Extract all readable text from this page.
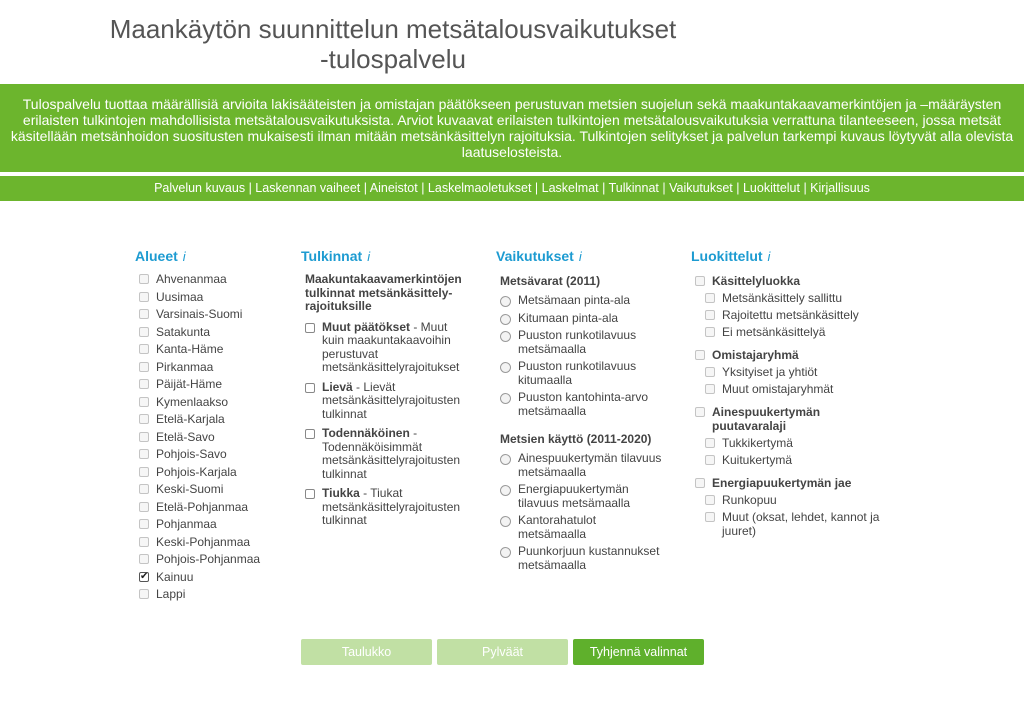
Maankäytön suunnittelun metsätalousvaikutukset
-tulospalvelu
Tulospalvelu tuottaa määrällisiä arvioita lakisääteisten ja omistajan päätökseen perustuvan metsien suojelun sekä maakuntakaavamerkintöjen ja –määräysten erilaisten tulkintojen mahdollisista metsätalousvaikutuksista. Arviot kuvaavat erilaisten tulkintojen metsätalousvaikutuksia verrattuna tilanteeseen, jossa metsät käsitellään metsänhoidon suositusten mukaisesti ilman mitään metsänkäsittelyn rajoituksia. Tulkintojen selitykset ja palvelun tarkempi kuvaus löytyvät alla olevista laatuselosteista.
Palvelun kuvaus | Laskennan vaiheet | Aineistot | Laskelmaoletukset | Laskelmat | Tulkinnat | Vaikutukset | Luokittelut | Kirjallisuus
Alueet i
Ahvenanmaa
Uusimaa
Varsinais-Suomi
Satakunta
Kanta-Häme
Pirkanmaa
Päijät-Häme
Kymenlaakso
Etelä-Karjala
Etelä-Savo
Pohjois-Savo
Pohjois-Karjala
Keski-Suomi
Etelä-Pohjanmaa
Pohjanmaa
Keski-Pohjanmaa
Pohjois-Pohjanmaa
✔ Kainuu
Lappi
Tulkinnat i
Maakuntakaavamerkintöjen tulkinnat metsänkäsittely-rajoituksille
Muut päätökset - Muut kuin maakuntakaavoihin perustuvat metsänkäsittelyrajoitukset
Lievä - Lievät metsänkäsittelyrajoitusten tulkinnat
Todennäköinen - Todennäköisimmät metsänkäsittelyrajoitusten tulkinnat
Tiukka - Tiukat metsänkäsittelyrajoitusten tulkinnat
Vaikutukset i
Metsävarat (2011)
Metsämaan pinta-ala
Kitumaan pinta-ala
Puuston runkotilavuus metsämaalla
Puuston runkotilavuus kitumaalla
Puuston kantohinta-arvo metsämaalla
Metsien käyttö (2011-2020)
Ainespuukertymän tilavuus metsämaalla
Energiapuukertymän tilavuus metsämaalla
Kantorahatulot metsämaalla
Puunkorjuun kustannukset metsämaalla
Luokittelut i
Käsittelyluokka
Metsänkäsittely sallittu
Rajoitettu metsänkäsittely
Ei metsänkäsittelyä
Omistajaryhmä
Yksityiset ja yhtiöt
Muut omistajaryhmät
Ainespuukertymän puutavaralaji
Tukkikertymä
Kuitukertymä
Energiapuukertymän jae
Runkopuu
Muut (oksat, lehdet, kannot ja juuret)
Taulukko	Pylväät	Tyhjennä valinnat
